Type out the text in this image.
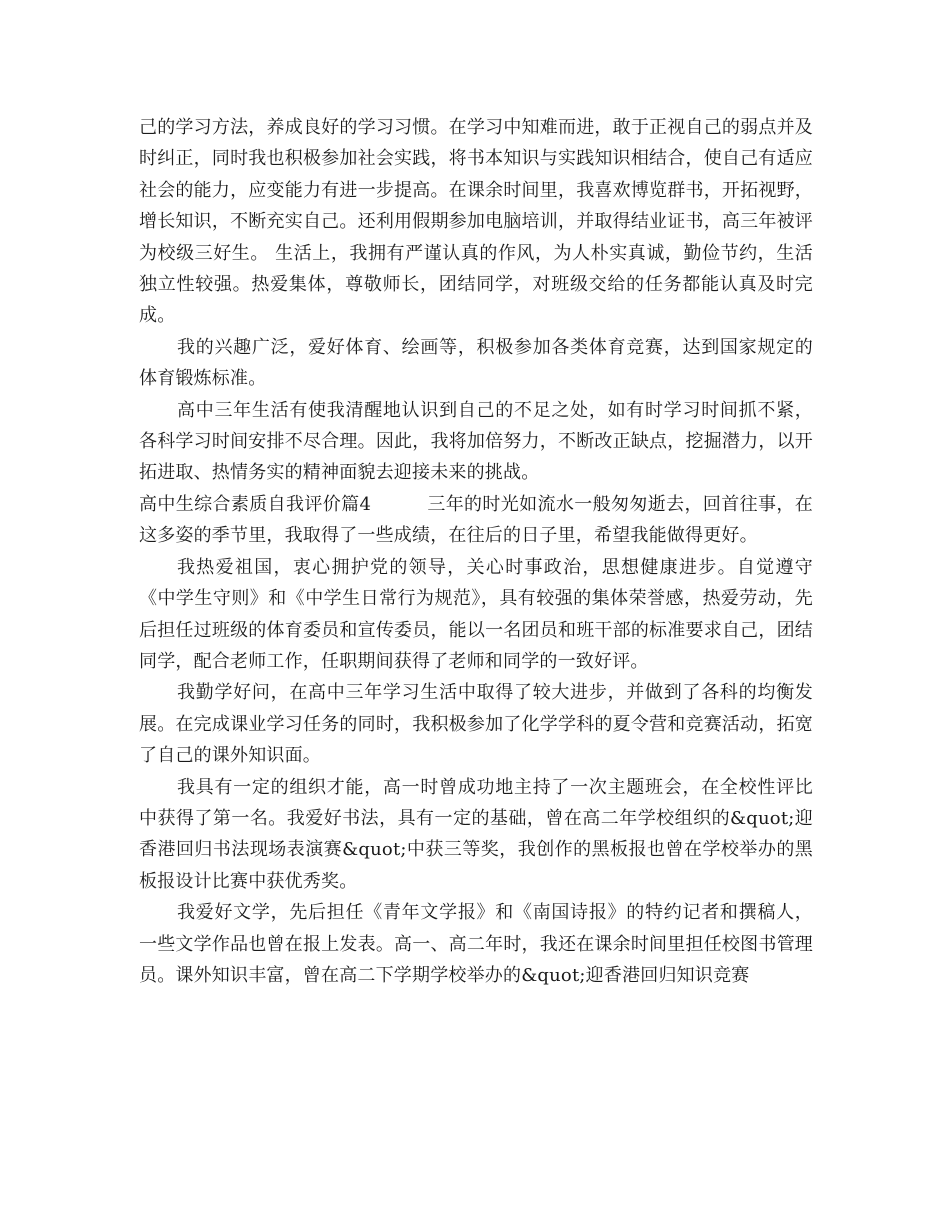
己的学习方法，养成良好的学习习惯。在学习中知难而进，敢于正视自己的弱点并及时纠正，同时我也积极参加社会实践，将书本知识与实践知识相结合，使自己有适应社会的能力，应变能力有进一步提高。在课余时间里，我喜欢博览群书，开拓视野，增长知识，不断充实自己。还利用假期参加电脑培训，并取得结业证书，高三年被评为校级三好生。 生活上，我拥有严谨认真的作风，为人朴实真诚，勤俭节约，生活独立性较强。热爱集体，尊敬师长，团结同学，对班级交给的任务都能认真及时完成。

我的兴趣广泛，爱好体育、绘画等，积极参加各类体育竞赛，达到国家规定的体育锻炼标准。

高中三年生活有使我清醒地认识到自己的不足之处，如有时学习时间抓不紧，各科学习时间安排不尽合理。因此，我将加倍努力，不断改正缺点，挖掘潜力，以开拓进取、热情务实的精神面貌去迎接未来的挑战。

高中生综合素质自我评价篇4	三年的时光如流水一般匆匆逝去，回首往事，在这多姿的季节里，我取得了一些成绩，在往后的日子里，希望我能做得更好。

我热爱祖国，衷心拥护党的领导，关心时事政治，思想健康进步。自觉遵守《中学生守则》和《中学生日常行为规范》，具有较强的集体荣誉感，热爱劳动，先后担任过班级的体育委员和宣传委员，能以一名团员和班干部的标准要求自己，团结同学，配合老师工作，任职期间获得了老师和同学的一致好评。

我勤学好问，在高中三年学习生活中取得了较大进步，并做到了各科的均衡发展。在完成课业学习任务的同时，我积极参加了化学学科的夏令营和竞赛活动，拓宽了自己的课外知识面。

我具有一定的组织才能，高一时曾成功地主持了一次主题班会，在全校性评比中获得了第一名。我爱好书法，具有一定的基础，曾在高二年学校组织的&quot;迎香港回归书法现场表演赛&quot;中获三等奖，我创作的黑板报也曾在学校举办的黑板报设计比赛中获优秀奖。

我爱好文学，先后担任《青年文学报》和《南国诗报》的特约记者和撰稿人，一些文学作品也曾在报上发表。高一、高二年时，我还在课余时间里担任校图书管理员。课外知识丰富，曾在高二下学期学校举办的&quot;迎香港回归知识竞赛
